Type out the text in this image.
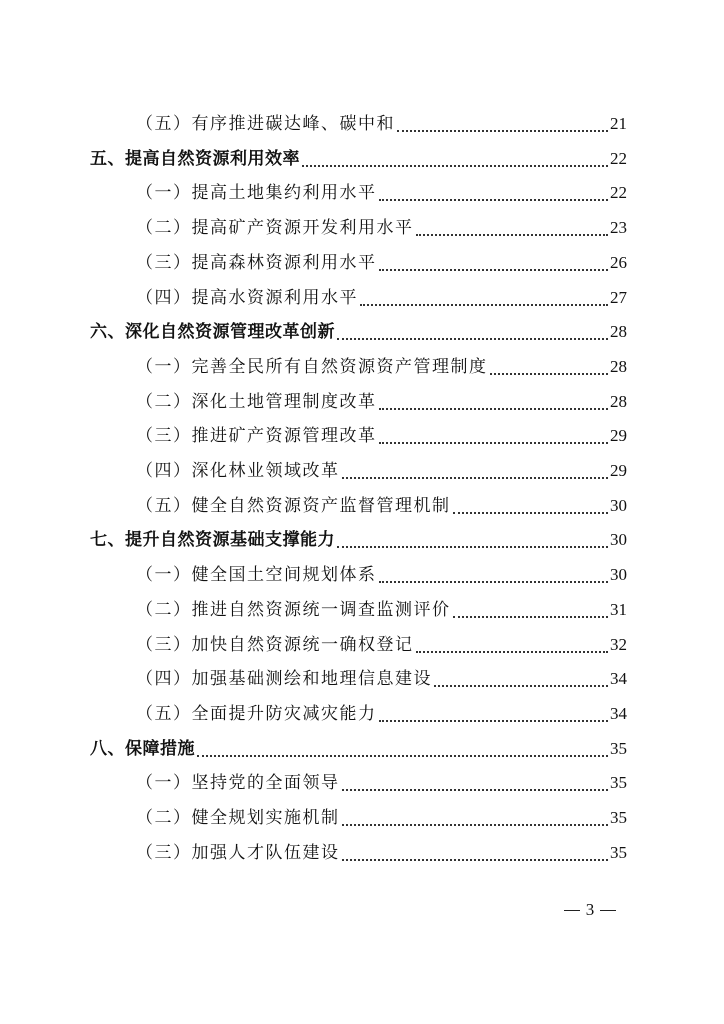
（五）有序推进碳达峰、碳中和	21
五、提高自然资源利用效率	22
（一）提高土地集约利用水平	22
（二）提高矿产资源开发利用水平	23
（三）提高森林资源利用水平	26
（四）提高水资源利用水平	27
六、深化自然资源管理改革创新	28
（一）完善全民所有自然资源资产管理制度	28
（二）深化土地管理制度改革	28
（三）推进矿产资源管理改革	29
（四）深化林业领域改革	29
（五）健全自然资源资产监督管理机制	30
七、提升自然资源基础支撑能力	30
（一）健全国土空间规划体系	30
（二）推进自然资源统一调查监测评价	31
（三）加快自然资源统一确权登记	32
（四）加强基础测绘和地理信息建设	34
（五）全面提升防灾减灾能力	34
八、保障措施	35
（一）坚持党的全面领导	35
（二）健全规划实施机制	35
（三）加强人才队伍建设	35
3
